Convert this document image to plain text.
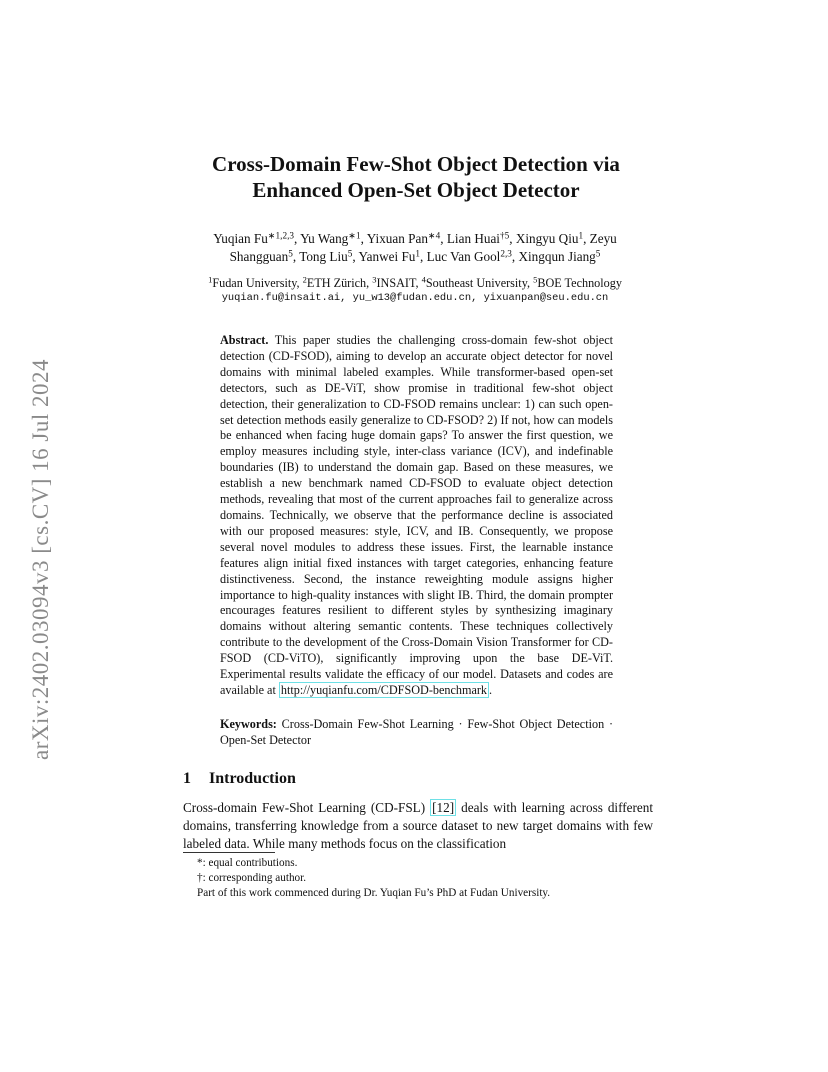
arXiv:2402.03094v3 [cs.CV] 16 Jul 2024
Cross-Domain Few-Shot Object Detection via
Enhanced Open-Set Object Detector
Yuqian $Fu^{∗1,2,3}$, Yu Wang$^{∗1}$, Yixuan Pan$^{∗4}$, Lian Huai$^{\dagger 5}$, Xingyu Qiu$^1$, Zeyu
Shangguan$^5$, Tong Liu$^5$, Yanwei Fu$^1$, Luc Van Gool$^{2,3}$, Xingqun Jiang$^5$
$^1$Fudan University, $^2$ETH Zürich, $^3$INSAIT, $^4$Southeast University, $^5$BOE Technology
yuqian.fu@insait.ai, yu_w13@fudan.edu.cn, yixuanpan@seu.edu.cn
Abstract. This paper studies the challenging cross-domain few-shot object detection (CD-FSOD), aiming to develop an accurate object detector for novel domains with minimal labeled examples. While transformer-based open-set detectors, such as DE-ViT, show promise in traditional few-shot object detection, their generalization to CD-FSOD remains unclear: 1) can such open-set detection methods easily generalize to CD-FSOD? 2) If not, how can models be enhanced when facing huge domain gaps? To answer the first question, we employ measures including style, inter-class variance (ICV), and indefinable boundaries (IB) to understand the domain gap. Based on these measures, we establish a new benchmark named CD-FSOD to evaluate object detection methods, revealing that most of the current approaches fail to generalize across domains. Technically, we observe that the performance decline is associated with our proposed measures: style, ICV, and IB. Consequently, we propose several novel modules to address these issues. First, the learnable instance features align initial fixed instances with target categories, enhancing feature distinctiveness. Second, the instance reweighting module assigns higher importance to high-quality instances with slight IB. Third, the domain prompter encourages features resilient to different styles by synthesizing imaginary domains without altering semantic contents. These techniques collectively contribute to the development of the Cross-Domain Vision Transformer for CD-FSOD (CD-ViTO), significantly improving upon the base DE-ViT. Experimental results validate the efficacy of our model. Datasets and codes are available at http://yuqianfu.com/CDFSOD-benchmark .
Keywords: Cross-Domain Few-Shot Learning · Few-Shot Object Detection · Open-Set Detector
1 Introduction
Cross-domain Few-Shot Learning (CD-FSL) [12] deals with learning across different domains, transferring knowledge from a source dataset to new target domains with few labeled data. While many methods focus on the classification
*: equal contributions.
†: corresponding author.
Part of this work commenced during Dr. Yuqian Fu’s PhD at Fudan University.
